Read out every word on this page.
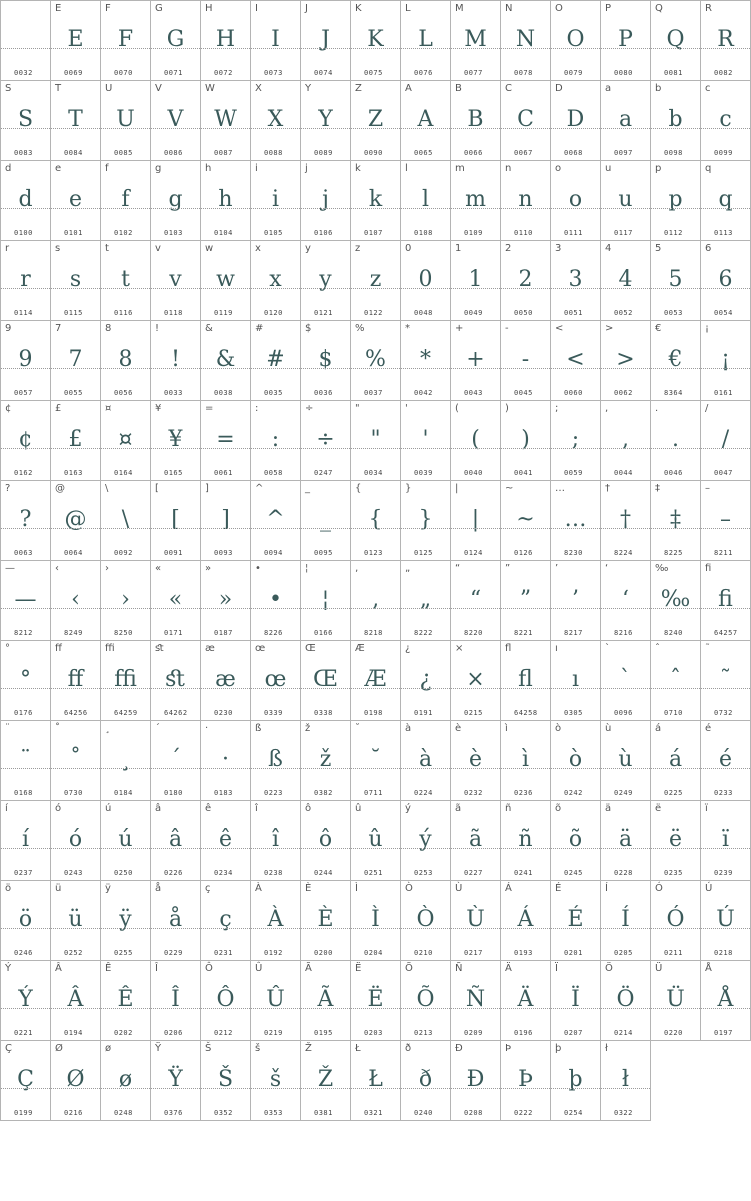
0032
E
E
0069
F
F
0070
G
G
0071
H
H
0072
I
I
0073
J
J
0074
K
K
0075
L
L
0076
M
M
0077
N
N
0078
O
O
0079
P
P
0080
Q
Q
0081
R
R
0082
S
S
0083
T
T
0084
U
U
0085
V
V
0086
W
W
0087
X
X
0088
Y
Y
0089
Z
Z
0090
A
A
0065
B
B
0066
C
C
0067
D
D
0068
a
a
0097
b
b
0098
c
c
0099
d
d
0100
e
e
0101
f
f
0102
g
g
0103
h
h
0104
i
i
0105
j
j
0106
k
k
0107
l
l
0108
m
m
0109
n
n
0110
o
o
0111
u
u
0117
p
p
0112
q
q
0113
r
r
0114
s
s
0115
t
t
0116
v
v
0118
w
w
0119
x
x
0120
y
y
0121
z
z
0122
0
0
0048
1
1
0049
2
2
0050
3
3
0051
4
4
0052
5
5
0053
6
6
0054
9
9
0057
7
7
0055
8
8
0056
!
!
0033
&
&
0038
#
#
0035
$
$
0036
%
%
0037
*
*
0042
+
+
0043
-
-
0045
<
<
0060
>
>
0062
€
€
8364
¡
¡
0161
¢
¢
0162
£
£
0163
¤
¤
0164
¥
¥
0165
=
=
0061
:
:
0058
÷
÷
0247
"
"
0034
'
'
0039
(
(
0040
)
)
0041
;
;
0059
,
,
0044
.
.
0046
/
/
0047
?
?
0063
@
@
0064
\
\
0092
[
[
0091
]
]
0093
^
^
0094
_
_
0095
{
{
0123
}
}
0125
|
|
0124
~
~
0126
…
…
8230
†
†
8224
‡
‡
8225
–
–
8211
—
—
8212
‹
‹
8249
›
›
8250
«
«
0171
»
»
0187
•
•
8226
¦
¦
0166
‚
‚
8218
„
„
8222
“
“
8220
”
”
8221
’
’
8217
‘
‘
8216
‰
‰
8240
ﬁ
ﬁ
64257
°
°
0176
ﬀ
ﬀ
64256
ﬃ
ﬃ
64259
ﬆ
ﬆ
64262
æ
æ
0230
œ
œ
0339
Œ
Œ
0338
Æ
Æ
0198
¿
¿
0191
×
×
0215
ﬂ
ﬂ
64258
ı
ı
0305
`
`
0096
ˆ
ˆ
0710
˜
˜
0732
¨
¨
0168
˚
˚
0730
¸
¸
0184
´
´
0180
·
·
0183
ß
ß
0223
ž
ž
0382
˘
˘
0711
à
à
0224
è
è
0232
ì
ì
0236
ò
ò
0242
ù
ù
0249
á
á
0225
é
é
0233
í
í
0237
ó
ó
0243
ú
ú
0250
â
â
0226
ê
ê
0234
î
î
0238
ô
ô
0244
û
û
0251
ý
ý
0253
ã
ã
0227
ñ
ñ
0241
õ
õ
0245
ä
ä
0228
ë
ë
0235
ï
ï
0239
ö
ö
0246
ü
ü
0252
ÿ
ÿ
0255
å
å
0229
ç
ç
0231
À
À
0192
È
È
0200
Ì
Ì
0204
Ò
Ò
0210
Ù
Ù
0217
Á
Á
0193
É
É
0201
Í
Í
0205
Ó
Ó
0211
Ú
Ú
0218
Ý
Ý
0221
Â
Â
0194
Ê
Ê
0202
Î
Î
0206
Ô
Ô
0212
Û
Û
0219
Ã
Ã
0195
Ë
Ë
0203
Õ
Õ
0213
Ñ
Ñ
0209
Ä
Ä
0196
Ï
Ï
0207
Ö
Ö
0214
Ü
Ü
0220
Å
Å
0197
Ç
Ç
0199
Ø
Ø
0216
ø
ø
0248
Ÿ
Ÿ
0376
Š
Š
0352
š
š
0353
Ž
Ž
0381
Ł
Ł
0321
ð
ð
0240
Ð
Ð
0208
Þ
Þ
0222
þ
þ
0254
ł
ł
0322
